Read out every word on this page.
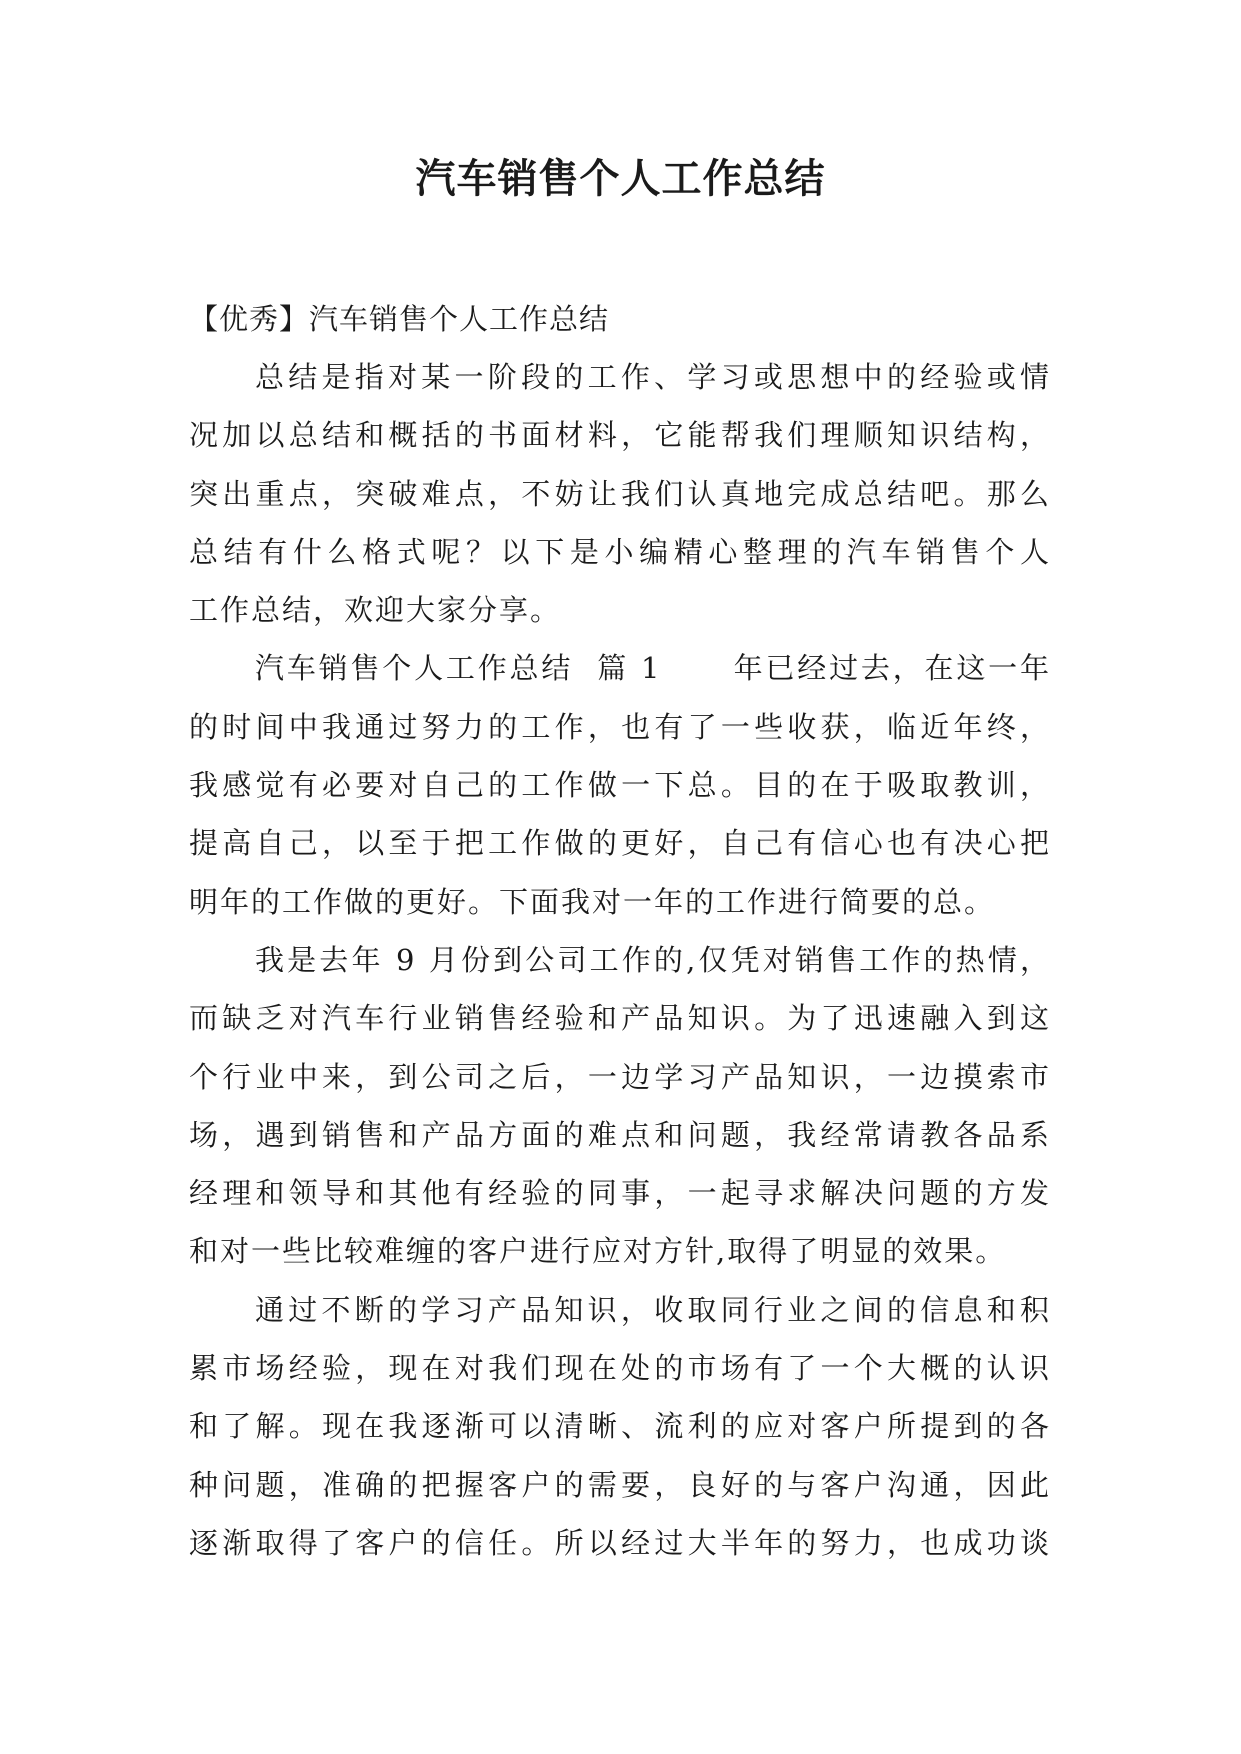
汽车销售个人工作总结
【优秀】汽车销售个人工作总结

总结是指对某一阶段的工作、学习或思想中的经验或情
况加以总结和概括的书面材料，它能帮我们理顺知识结构，
突出重点，突破难点，不妨让我们认真地完成总结吧。那么
总结有什么格式呢？以下是小编精心整理的汽车销售个人
工作总结，欢迎大家分享。

汽车销售个人工作总结  篇 1      年已经过去，在这一年
的时间中我通过努力的工作，也有了一些收获，临近年终，
我感觉有必要对自己的工作做一下总。目的在于吸取教训，
提高自己，以至于把工作做的更好，自己有信心也有决心把
明年的工作做的更好。下面我对一年的工作进行简要的总。

我是去年 9 月份到公司工作的,仅凭对销售工作的热情，
而缺乏对汽车行业销售经验和产品知识。为了迅速融入到这
个行业中来，到公司之后，一边学习产品知识，一边摸索市
场，遇到销售和产品方面的难点和问题，我经常请教各品系
经理和领导和其他有经验的同事，一起寻求解决问题的方发
和对一些比较难缠的客户进行应对方针,取得了明显的效果。

通过不断的学习产品知识，收取同行业之间的信息和积
累市场经验，现在对我们现在处的市场有了一个大概的认识
和了解。现在我逐渐可以清晰、流利的应对客户所提到的各
种问题，准确的把握客户的需要，良好的与客户沟通，因此
逐渐取得了客户的信任。所以经过大半年的努力，也成功谈
